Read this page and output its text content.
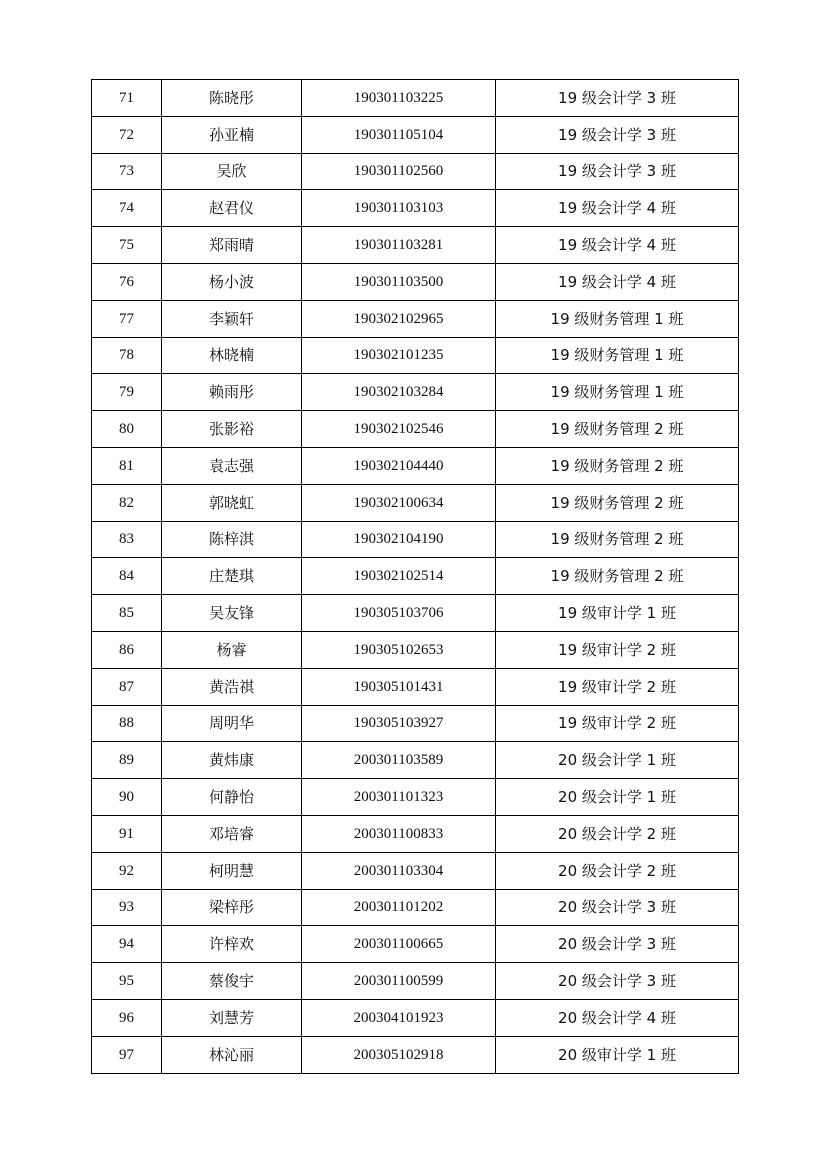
71	陈晓彤	190301103225	19 级会计学 3 班
72	孙亚楠	190301105104	19 级会计学 3 班
73	吴欣	190301102560	19 级会计学 3 班
74	赵君仪	190301103103	19 级会计学 4 班
75	郑雨晴	190301103281	19 级会计学 4 班
76	杨小波	190301103500	19 级会计学 4 班
77	李颖轩	190302102965	19 级财务管理 1 班
78	林晓楠	190302101235	19 级财务管理 1 班
79	赖雨彤	190302103284	19 级财务管理 1 班
80	张影裕	190302102546	19 级财务管理 2 班
81	袁志强	190302104440	19 级财务管理 2 班
82	郭晓虹	190302100634	19 级财务管理 2 班
83	陈梓淇	190302104190	19 级财务管理 2 班
84	庄楚琪	190302102514	19 级财务管理 2 班
85	吴友锋	190305103706	19 级审计学 1 班
86	杨睿	190305102653	19 级审计学 2 班
87	黄浩祺	190305101431	19 级审计学 2 班
88	周明华	190305103927	19 级审计学 2 班
89	黄炜康	200301103589	20 级会计学 1 班
90	何静怡	200301101323	20 级会计学 1 班
91	邓培睿	200301100833	20 级会计学 2 班
92	柯明慧	200301103304	20 级会计学 2 班
93	梁梓彤	200301101202	20 级会计学 3 班
94	许梓欢	200301100665	20 级会计学 3 班
95	蔡俊宇	200301100599	20 级会计学 3 班
96	刘慧芳	200304101923	20 级会计学 4 班
97	林沁丽	200305102918	20 级审计学 1 班
